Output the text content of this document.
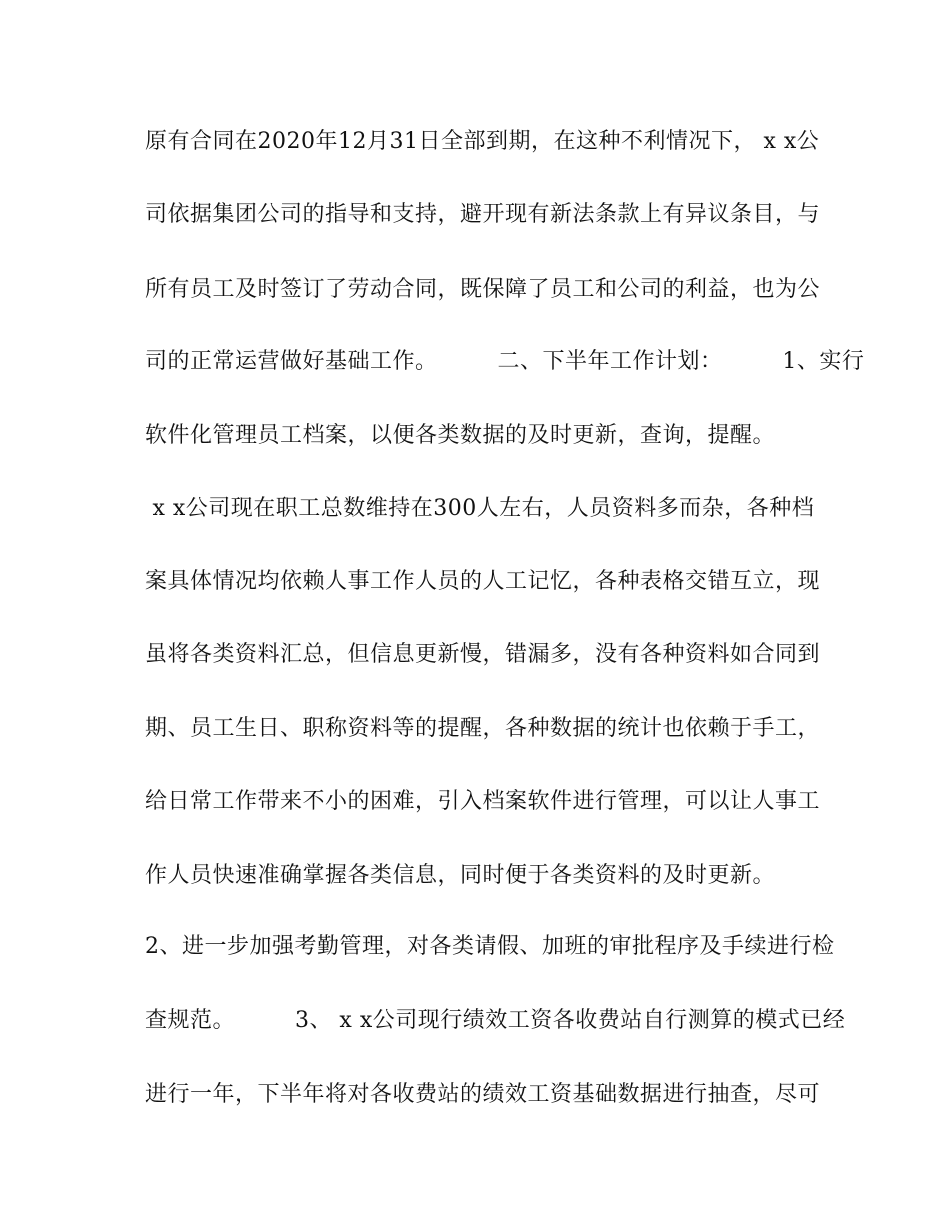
原有合同在2020年12月31日全部到期，在这种不利情况下， x x公
司依据集团公司的指导和支持，避开现有新法条款上有异议条目，与
所有员工及时签订了劳动合同，既保障了员工和公司的利益，也为公
司的正常运营做好基础工作。        二、下半年工作计划：        1、实行
软件化管理员工档案，以便各类数据的及时更新，查询，提醒。
x x公司现在职工总数维持在300人左右，人员资料多而杂，各种档
案具体情况均依赖人事工作人员的人工记忆，各种表格交错互立，现
虽将各类资料汇总，但信息更新慢，错漏多，没有各种资料如合同到
期、员工生日、职称资料等的提醒，各种数据的统计也依赖于手工，
给日常工作带来不小的困难，引入档案软件进行管理，可以让人事工
作人员快速准确掌握各类信息，同时便于各类资料的及时更新。
2、进一步加强考勤管理，对各类请假、加班的审批程序及手续进行检
查规范。        3、 x x公司现行绩效工资各收费站自行测算的模式已经
进行一年，下半年将对各收费站的绩效工资基础数据进行抽查，尽可
